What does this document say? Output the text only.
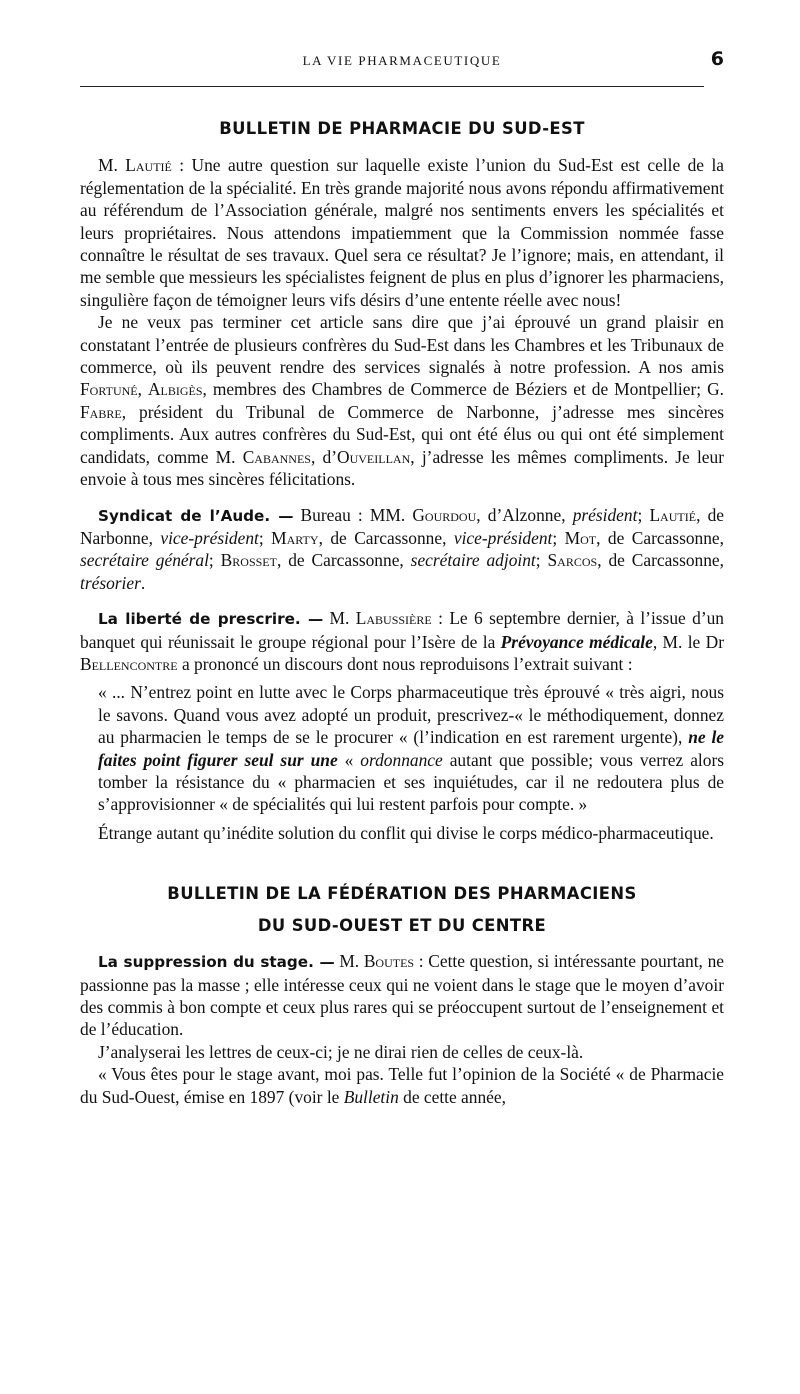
LA VIE PHARMACEUTIQUE	6
BULLETIN DE PHARMACIE DU SUD-EST

M. Lautié : Une autre question sur laquelle existe l’union du Sud-Est est celle de la réglementation de la spécialité. En très grande majorité nous avons répondu affirmativement au référendum de l’Association générale, malgré nos sentiments envers les spécialités et leurs propriétaires. Nous attendons impatiemment que la Commission nommée fasse connaître le résultat de ses travaux. Quel sera ce résultat? Je l’ignore; mais, en attendant, il me semble que messieurs les spécialistes feignent de plus en plus d’ignorer les pharmaciens, singulière façon de témoigner leurs vifs désirs d’une entente réelle avec nous!

Je ne veux pas terminer cet article sans dire que j’ai éprouvé un grand plaisir en constatant l’entrée de plusieurs confrères du Sud-Est dans les Chambres et les Tribunaux de commerce, où ils peuvent rendre des services signalés à notre profession. A nos amis Fortuné, Albigès, membres des Chambres de Commerce de Béziers et de Montpellier; G. Fabre, président du Tribunal de Commerce de Narbonne, j’adresse mes sincères compliments. Aux autres confrères du Sud-Est, qui ont été élus ou qui ont été simplement candidats, comme M. Cabannes, d’Ouveillan, j’adresse les mêmes compliments. Je leur envoie à tous mes sincères félicitations.

Syndicat de l’Aude. — Bureau : MM. Gourdou, d’Alzonne, président; Lautié, de Narbonne, vice-président; Marty, de Carcassonne, vice-président; Mot, de Carcassonne, secrétaire général; Brosset, de Carcassonne, secrétaire adjoint; Sarcos, de Carcassonne, trésorier.

La liberté de prescrire. — M. Labussière : Le 6 septembre dernier, à l’issue d’un banquet qui réunissait le groupe régional pour l’Isère de la Prévoyance médicale, M. le Dr Bellencontre a prononcé un discours dont nous reproduisons l’extrait suivant :

« ... N’entrez point en lutte avec le Corps pharmaceutique très éprouvé « très aigri, nous le savons. Quand vous avez adopté un produit, prescrivez-« le méthodiquement, donnez au pharmacien le temps de se le procurer « (l’indication en est rarement urgente), ne le faites point figurer seul sur une « ordonnance autant que possible; vous verrez alors tomber la résistance du « pharmacien et ses inquiétudes, car il ne redoutera plus de s’approvisionner « de spécialités qui lui restent parfois pour compte. »

Étrange autant qu’inédite solution du conflit qui divise le corps médico-pharmaceutique.

BULLETIN DE LA FÉDÉRATION DES PHARMACIENS
DU SUD-OUEST ET DU CENTRE

La suppression du stage. — M. Boutes : Cette question, si intéressante pourtant, ne passionne pas la masse ; elle intéresse ceux qui ne voient dans le stage que le moyen d’avoir des commis à bon compte et ceux plus rares qui se préoccupent surtout de l’enseignement et de l’éducation.

J’analyserai les lettres de ceux-ci; je ne dirai rien de celles de ceux-là.

« Vous êtes pour le stage avant, moi pas. Telle fut l’opinion de la Société « de Pharmacie du Sud-Ouest, émise en 1897 (voir le Bulletin de cette année,
